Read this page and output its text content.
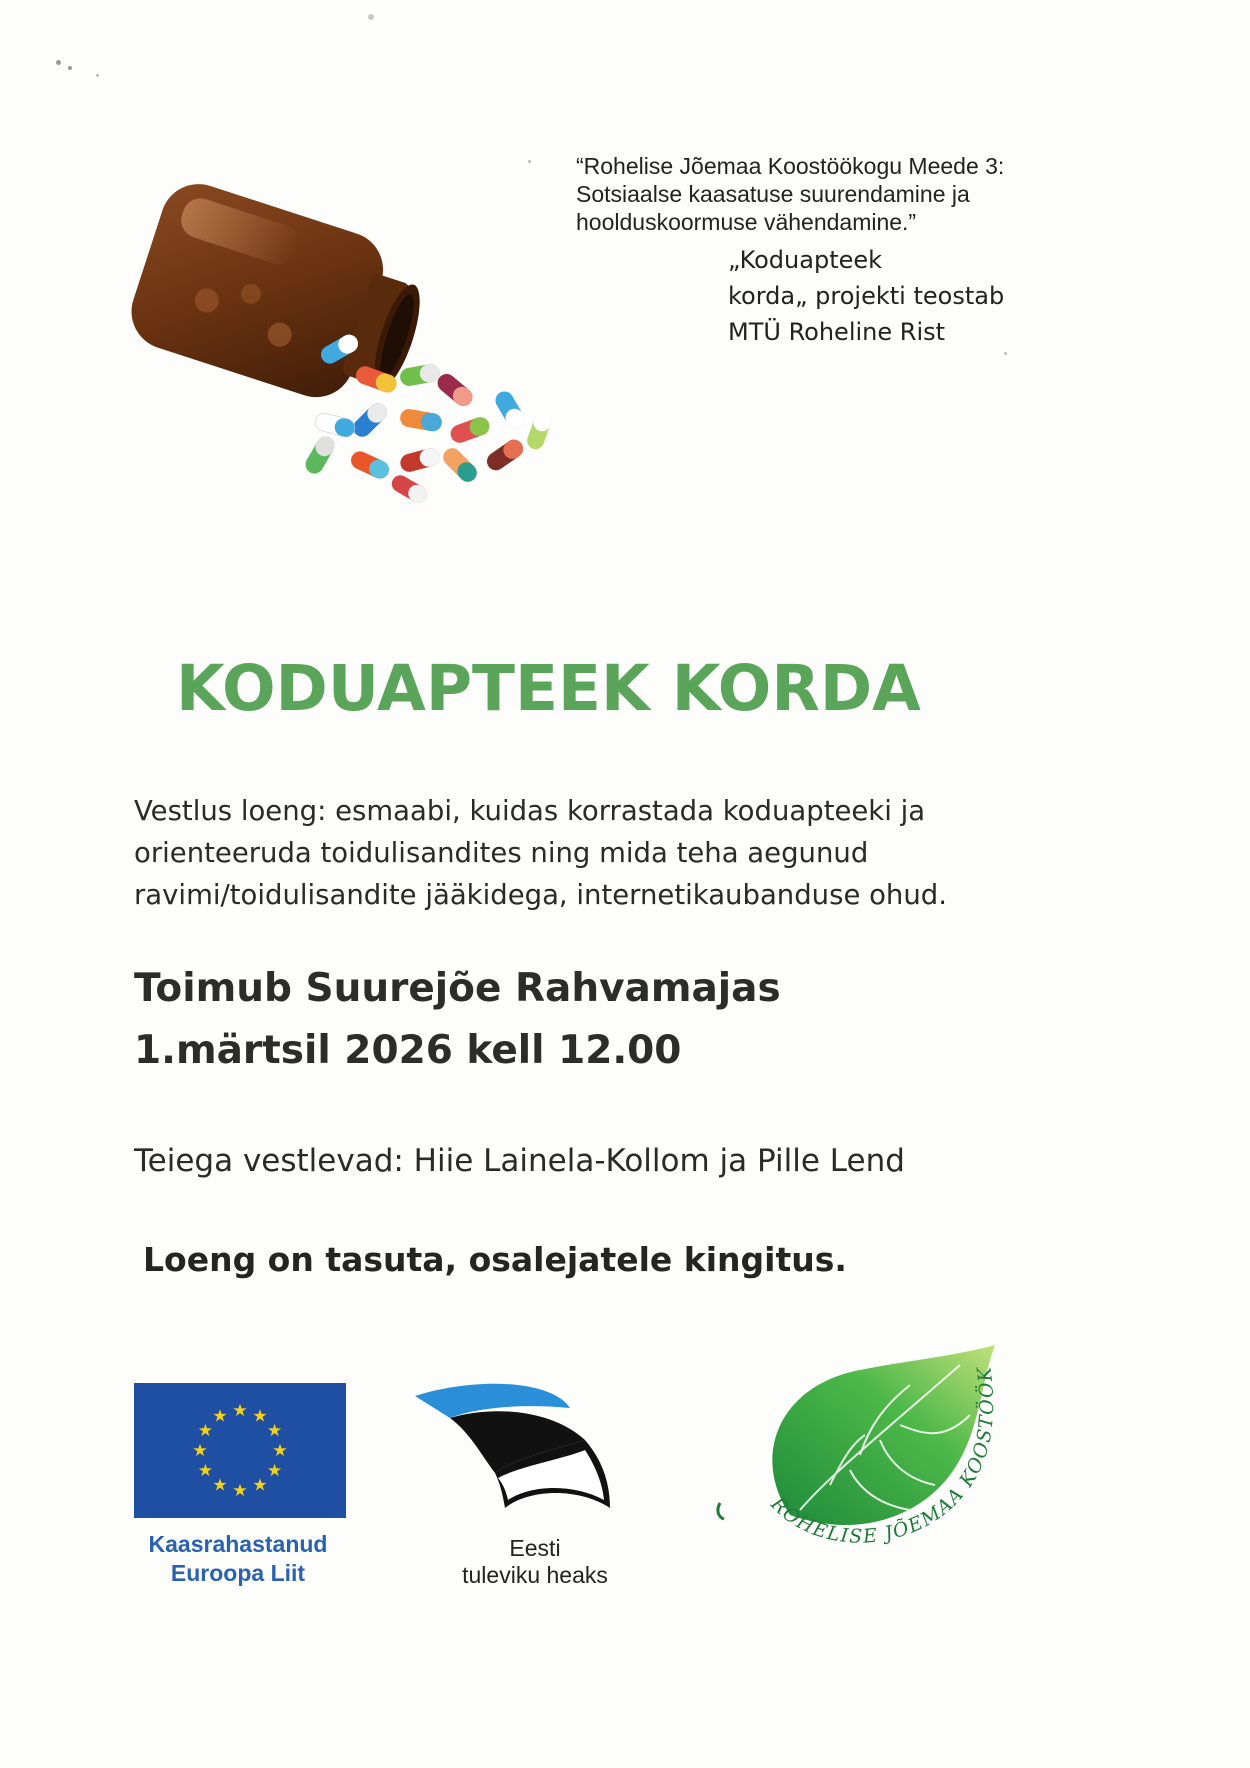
“Rohelise Jõemaa Koostöökogu Meede 3:
Sotsiaalse kaasatuse suurendamine ja
hoolduskoormuse vähendamine.”
„Koduapteek
korda„ projekti teostab
MTÜ Roheline Rist
KODUAPTEEK KORDA
Vestlus loeng: esmaabi, kuidas korrastada koduapteeki ja
orienteeruda toidulisandites ning mida teha aegunud
ravimi/toidulisandite jääkidega, internetikaubanduse ohud.
Toimub Suurejõe Rahvamajas
1.märtsil 2026 kell 12.00
Teiega vestlevad: Hiie Lainela-Kollom ja Pille Lend
Loeng on tasuta, osalejatele kingitus.
★ ★
★
★
★
★
★
★
★
★
★
★
Kaasrahastanud
Euroopa Liit
Eesti
tuleviku heaks
ROHELISE JÕEMAA KOOSTÖÖK
